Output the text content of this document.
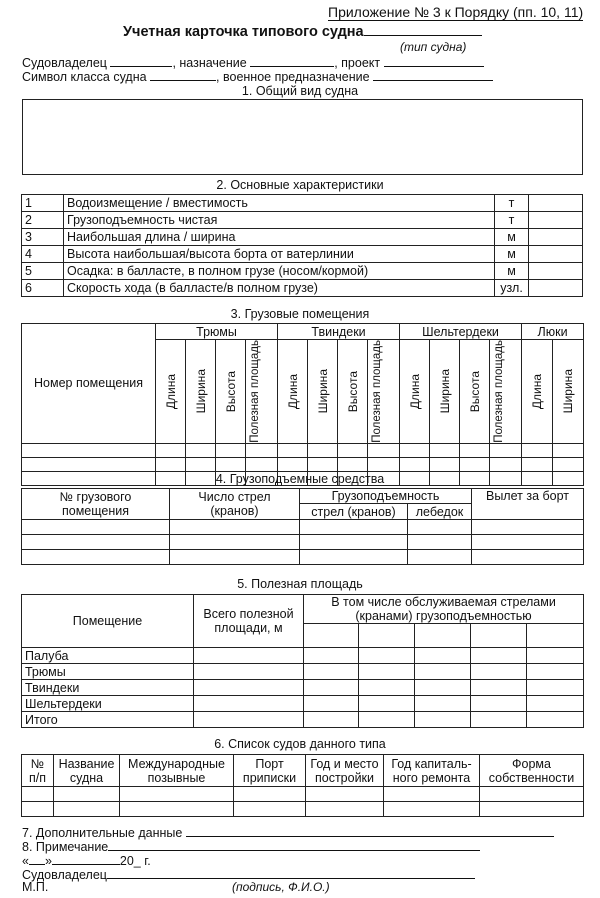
Приложение № 3 к Порядку (пп. 10, 11)
Учетная карточка типового судна
(тип судна)
Судовладелец	, назначение	, проект
Символ класса судна	, военное предназначение
1. Общий вид судна
2. Основные характеристики
1	Водоизмещение / вместимость	т	
2	Грузоподъемность чистая	т	
3	Наибольшая длина / ширина	м	
4	Высота наибольшая/высота борта от ватерлинии	м	
5	Осадка: в балласте, в полном грузе (носом/кормой)	м	
6	Скорость хода (в балласте/в полном грузе)	узл.	
3. Грузовые помещения
Номер помещения	Трюмы				Твиндеки				Шельтердеки				Люки	

	Длина	Ширина	Высота	Полезная площадь	Длина	Ширина	Высота	Полезная площадь	Длина	Ширина	Высота	Полезная площадь	Длина	Ширина

4. Грузоподъемные средства
№ грузового помещения	Число стрел (кранов)	Грузоподъемность		Вылет за борт
		стрел (кранов)	лебедок	

5. Полезная площадь
Помещение	Всего полезной площади, м	В том числе обслуживаемая стрелами (кранами) грузоподъемностью				

Палуба						
Трюмы						
Твиндеки						
Шельтердеки						
Итого						
6. Список судов данного типа
№ п/п	Название судна	Международные позывные	Порт приписки	Год и место постройки	Год капиталь-ного ремонта	Форма собственности

7. Дополнительные данные
8. Примечание
« »	20_ г.
Судовладелец
М.П.	(подпись, Ф.И.О.)
